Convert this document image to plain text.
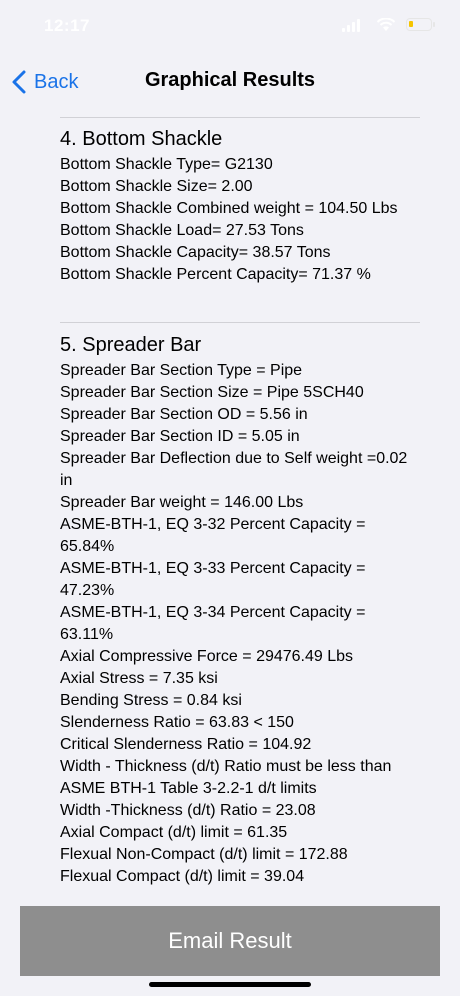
12:17
Back	Graphical Results
4. Bottom Shackle
Bottom Shackle Type= G2130
Bottom Shackle Size= 2.00
Bottom Shackle Combined weight = 104.50 Lbs
Bottom Shackle Load= 27.53 Tons
Bottom Shackle Capacity= 38.57 Tons
Bottom Shackle Percent Capacity= 71.37 %
5. Spreader Bar
Spreader Bar Section Type = Pipe
Spreader Bar Section Size = Pipe 5SCH40
Spreader Bar Section OD = 5.56 in
Spreader Bar Section ID = 5.05 in
Spreader Bar Deflection due to Self weight =0.02 in
Spreader Bar weight = 146.00 Lbs
ASME-BTH-1, EQ 3-32 Percent Capacity = 65.84%
ASME-BTH-1, EQ 3-33 Percent Capacity = 47.23%
ASME-BTH-1, EQ 3-34 Percent Capacity = 63.11%
Axial Compressive Force = 29476.49 Lbs
Axial Stress = 7.35 ksi
Bending Stress = 0.84 ksi
Slenderness Ratio = 63.83 < 150
Critical Slenderness Ratio = 104.92
Width - Thickness (d/t) Ratio must be less than ASME BTH-1 Table 3-2.2-1 d/t limits
Width -Thickness (d/t) Ratio = 23.08
Axial Compact (d/t) limit = 61.35
Flexual Non-Compact (d/t) limit = 172.88
Flexual Compact (d/t) limit = 39.04
Email Result
